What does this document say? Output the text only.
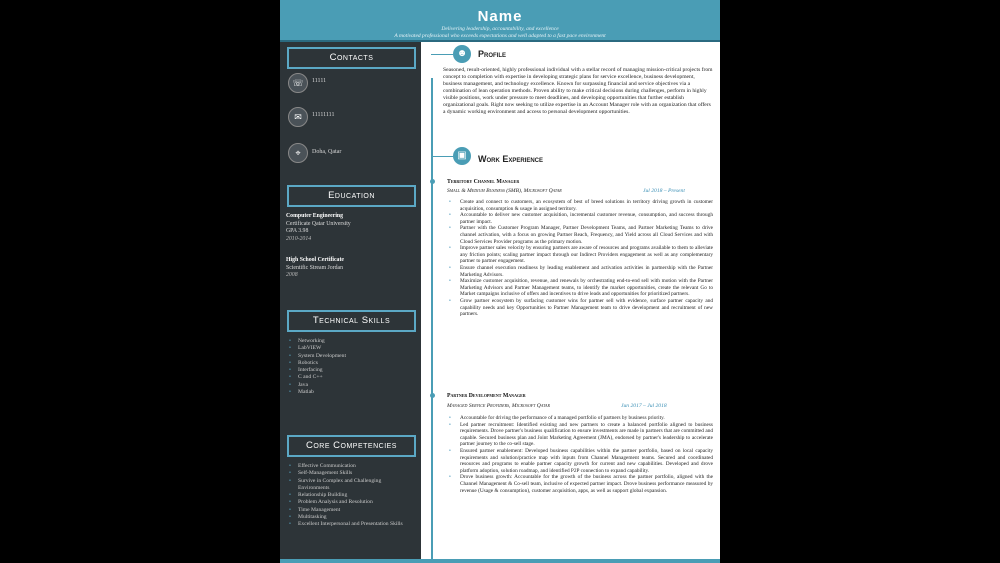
Name
Delivering leadership, accountability, and excellence
A motivated professional who exceeds expectations and well adapted to a fast pace environment
Contacts
☏	11111
✉	11111111
⌖	Doha, Qatar
Education
Computer Engineering
Certificate Qatar University
GPA 3.98
2010-2014
High School Certificate
Scientific Stream Jordan
2008
Technical Skills
• Networking
• LabVIEW
• System Development
• Robotics
• Interfacing
• C and C++
• Java
• Matlab
Core Competencies
• Effective Communication
• Self-Management Skills
• Survive in Complex and Challenging Environments
• Relationship Building
• Problem Analysis and Resolution
• Time Management
• Multitasking
• Excellent Interpersonal and Presentation Skills
☻	Profile
Seasoned, result-oriented, highly professional individual with a stellar record of managing mission-critical projects from concept to completion with expertise in developing strategic plans for service excellence, business development, business management, and technology excellence. Known for surpassing financial and service objectives via a combination of lean operation methods. Proven ability to make critical decisions during challenges, perform in highly visible positions, work under pressure to meet deadlines, and developing opportunities that further establish organizational goals. Right now seeking to utilize expertise in an Account Manager role with an organization that offers a dynamic working environment and access to personal development opportunities.
▣	Work Experience
Territory Channel Manager
Small & Medium Business (SMB), Microsoft Qatar	Jul 2018 – Present
• Create and connect to customers, an ecosystem of best of breed solutions in territory driving growth in customer acquisition, consumption & usage in assigned territory.
• Accountable to deliver new customer acquisition, incremental customer revenue, consumption, and success through partner impact.
• Partner with the Customer Program Manager, Partner Development Teams, and Partner Marketing Teams to drive channel activation, with a focus on growing Partner Reach, Frequency, and Yield across all Cloud Services and with Cloud Services Provider programs as the primary motion.
• Improve partner sales velocity by ensuring partners are aware of resources and programs available to them to alleviate any friction points; scaling partner impact through our Indirect Providers engagement as well as any complementary partner to partner engagement.
• Ensure channel execution readiness by leading enablement and activation activities in partnership with the Partner Marketing Advisors.
• Maximize customer acquisition, revenue, and renewals by orchestrating end-to-end sell with motion with the Partner Marketing Advisors and Partner Management teams, to identify the market opportunities, create the relevant Go to Market campaigns inclusive of offers and incentives to drive leads and opportunities for prioritized partners.
• Grow partner ecosystem by surfacing customer wins for partner sell with evidence, surface partner capacity and capability needs and key Opportunities to Partner Management team to drive development and recruitment of new partners.
Partner Development Manager
Managed Service Providers, Microsoft Qatar	Jun 2017 – Jul 2018
• Accountable for driving the performance of a managed portfolio of partners by business priority.
• Led partner recruitment: Identified existing and new partners to create a balanced portfolio aligned to business requirements. Drove partner's business qualification to ensure investments are made in partners that are committed and capable. Secured business plan and Joint Marketing Agreement (JMA), endorsed by partner's leadership to accelerate partner journey to the co-sell stage.
• Ensured partner enablement: Developed business capabilities within the partner portfolio, based on local capacity requirements and solution/practice map with inputs from Channel Management teams. Secured and coordinated resources and programs to enable partner capacity growth for current and new capabilities. Developed and drove platform adoption, solution roadmap, and identified P2P connection to expand capability.
• Drove business growth: Accountable for the growth of the business across the partner portfolio, aligned with the Channel Management & Co-sell team, inclusive of expected partner impact. Drove business performance measured by revenue (Usage & consumption), customer acquisition, apps, as well as support global expansion.
